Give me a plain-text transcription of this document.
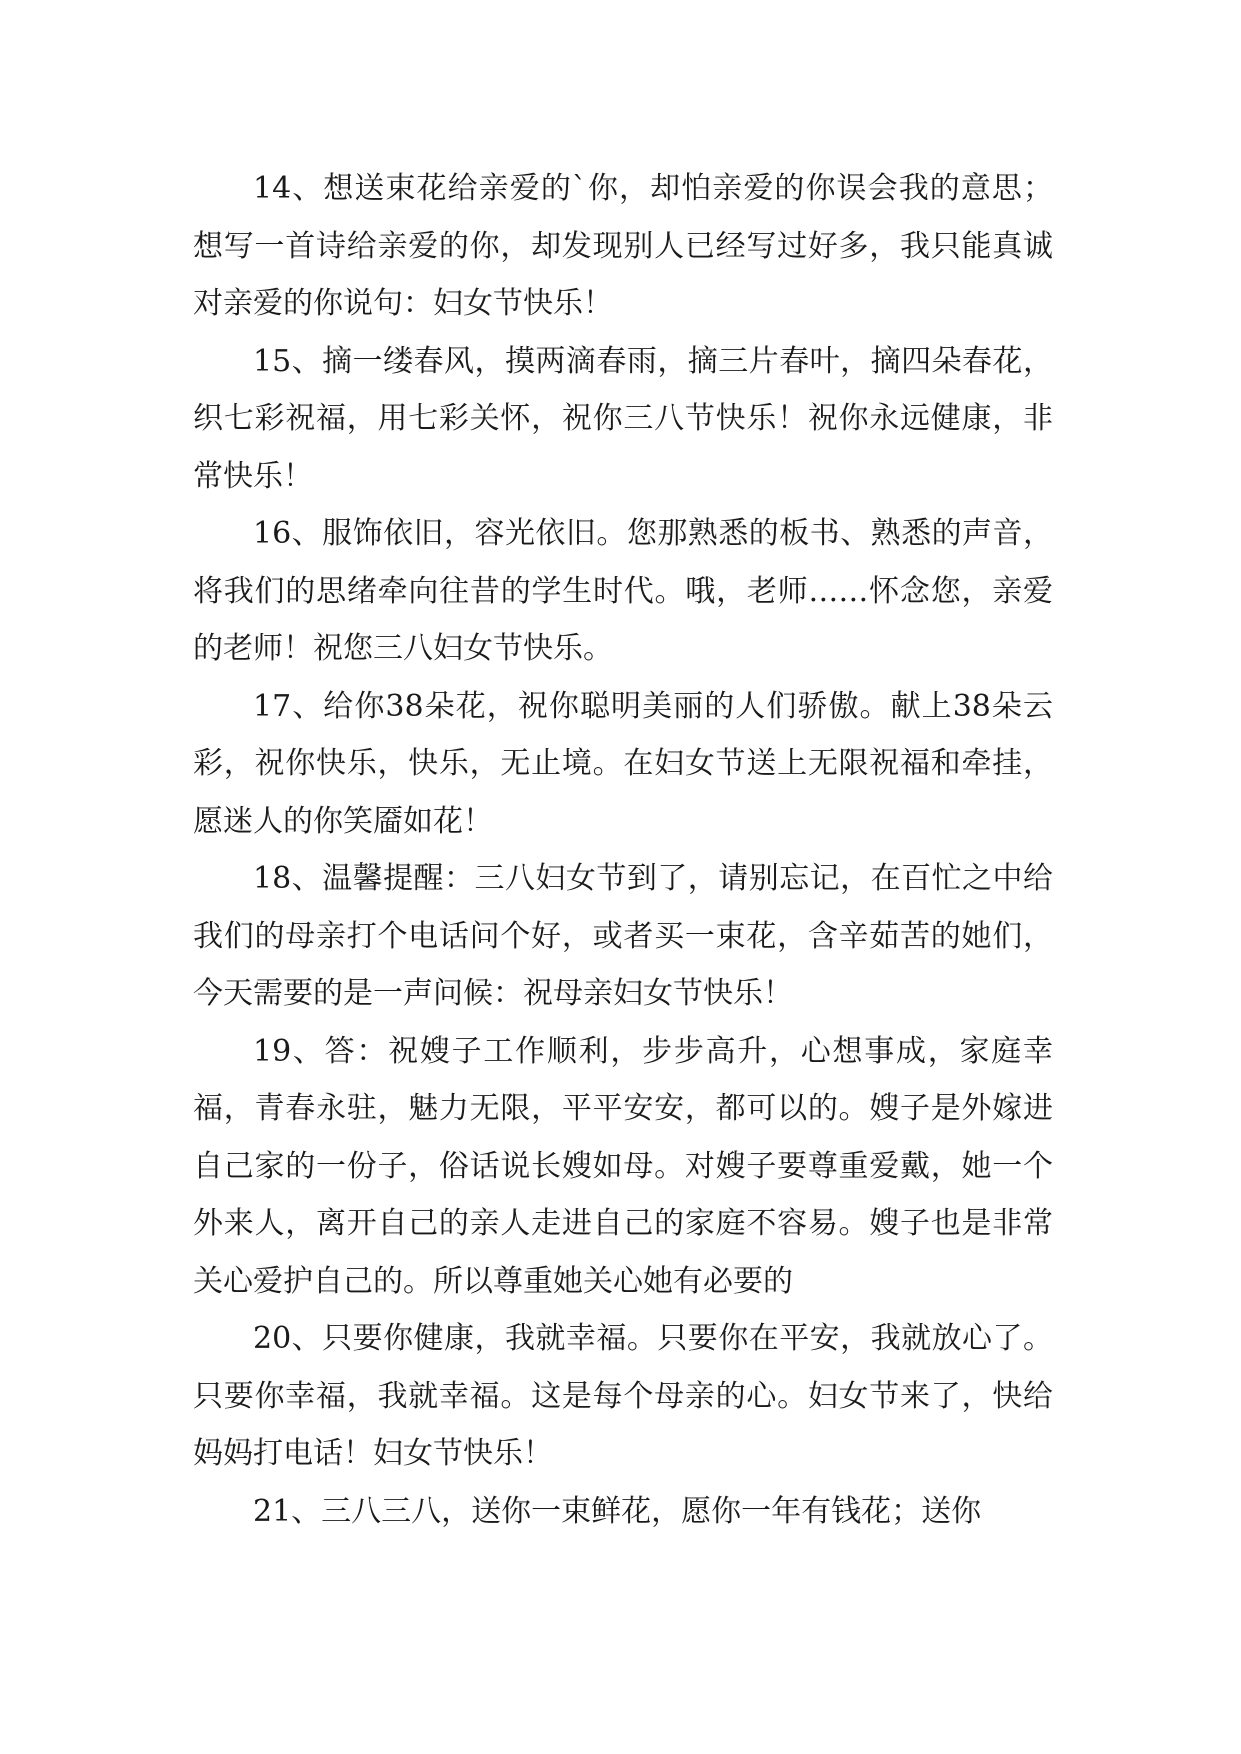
14、想送束花给亲爱的`你，却怕亲爱的你误会我的意思；想写一首诗给亲爱的你，却发现别人已经写过好多，我只能真诚对亲爱的你说句：妇女节快乐！

15、摘一缕春风，摸两滴春雨，摘三片春叶，摘四朵春花，织七彩祝福，用七彩关怀，祝你三八节快乐！祝你永远健康，非常快乐！

16、服饰依旧，容光依旧。您那熟悉的板书、熟悉的声音，将我们的思绪牵向往昔的学生时代。哦，老师……怀念您，亲爱的老师！祝您三八妇女节快乐。

17、给你38朵花，祝你聪明美丽的人们骄傲。献上38朵云彩，祝你快乐，快乐，无止境。在妇女节送上无限祝福和牵挂，愿迷人的你笑靥如花！

18、温馨提醒：三八妇女节到了，请别忘记，在百忙之中给我们的母亲打个电话问个好，或者买一束花，含辛茹苦的她们，今天需要的是一声问候：祝母亲妇女节快乐！

19、答：祝嫂子工作顺利，步步高升，心想事成，家庭幸福，青春永驻，魅力无限，平平安安，都可以的。嫂子是外嫁进自己家的一份子，俗话说长嫂如母。对嫂子要尊重爱戴，她一个外来人，离开自己的亲人走进自己的家庭不容易。嫂子也是非常关心爱护自己的。所以尊重她关心她有必要的

20、只要你健康，我就幸福。只要你在平安，我就放心了。只要你幸福，我就幸福。这是每个母亲的心。妇女节来了，快给妈妈打电话！妇女节快乐！

21、三八三八，送你一束鲜花，愿你一年有钱花；送你
